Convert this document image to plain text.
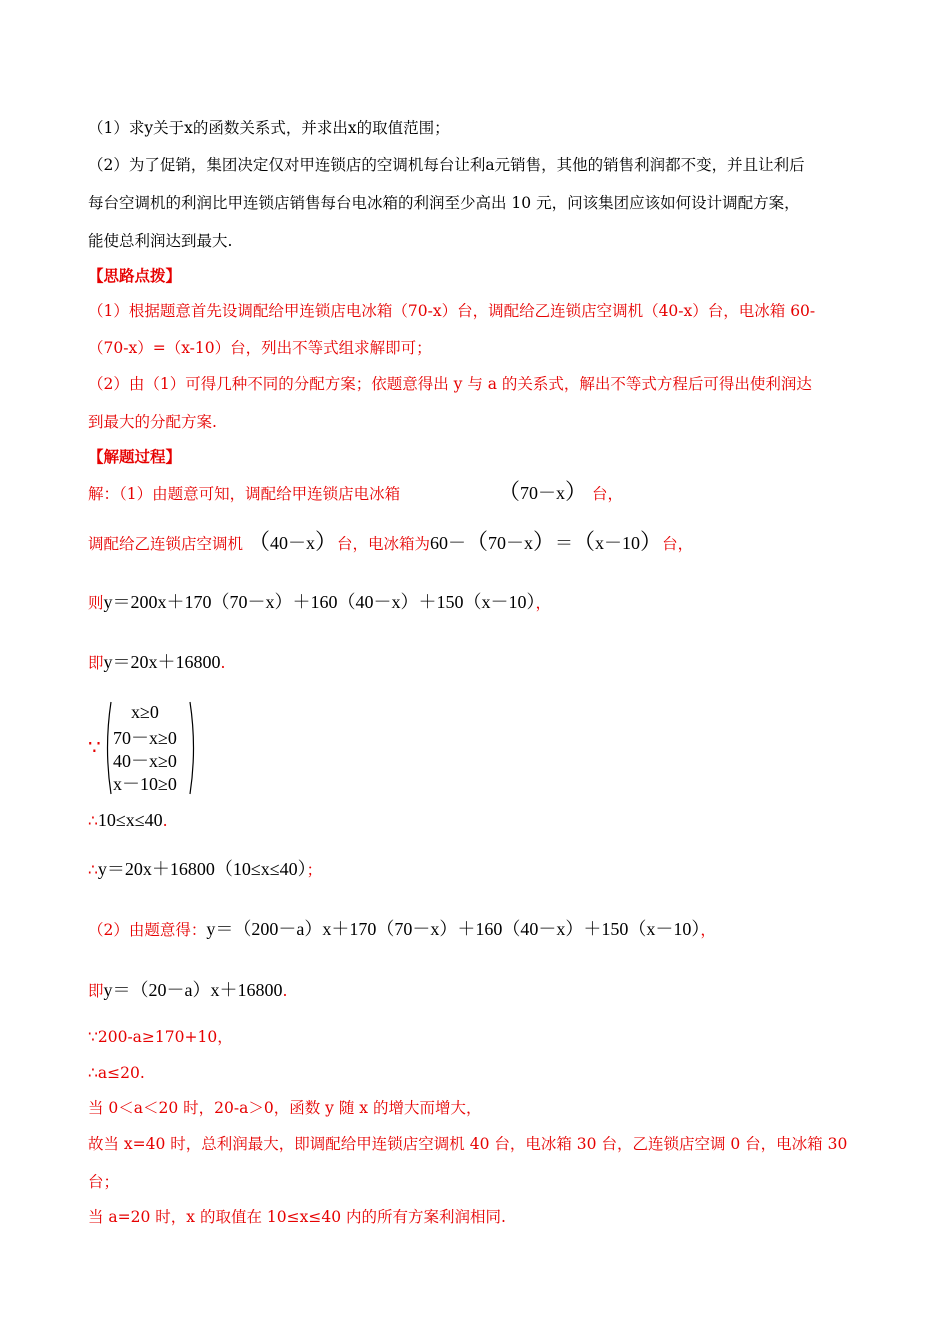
（1）求y关于x的函数关系式，并求出x的取值范围；
（2）为了促销，集团决定仅对甲连锁店的空调机每台让利a元销售，其他的销售利润都不变，并且让利后
每台空调机的利润比甲连锁店销售每台电冰箱的利润至少高出 10 元，问该集团应该如何设计调配方案，
能使总利润达到最大.
【思路点拨】
（1）根据题意首先设调配给甲连锁店电冰箱（70-x）台，调配给乙连锁店空调机（40-x）台，电冰箱 60-
（70-x）=（x-10）台，列出不等式组求解即可；
（2）由（1）可得几种不同的分配方案；依题意得出 y 与 a 的关系式，解出不等式方程后可得出使利润达
到最大的分配方案.
【解题过程】
解：（1）由题意可知，调配给甲连锁店电冰箱	（70－x） 台，
调配给乙连锁店空调机 （40－x）台，电冰箱为60－（70－x）＝（x－10）台，
则y＝200x＋170（70－x）＋160（40－x）＋150（x－10），
即y＝20x＋16800.
∵
x≥0
70－x≥0
40－x≥0
x－10≥0
∴10≤x≤40.
∴y＝20x＋16800（10≤x≤40）；
（2）由题意得：y＝（200－a）x＋170（70－x）＋160（40－x）＋150（x－10），
即y＝（20－a）x＋16800.
∵200-a≥170+10，
∴a≤20.
当 0＜a＜20 时，20-a＞0，函数 y 随 x 的增大而增大，
故当 x=40 时，总利润最大，即调配给甲连锁店空调机 40 台，电冰箱 30 台，乙连锁店空调 0 台，电冰箱 30
台；
当 a=20 时，x 的取值在 10≤x≤40 内的所有方案利润相同.
